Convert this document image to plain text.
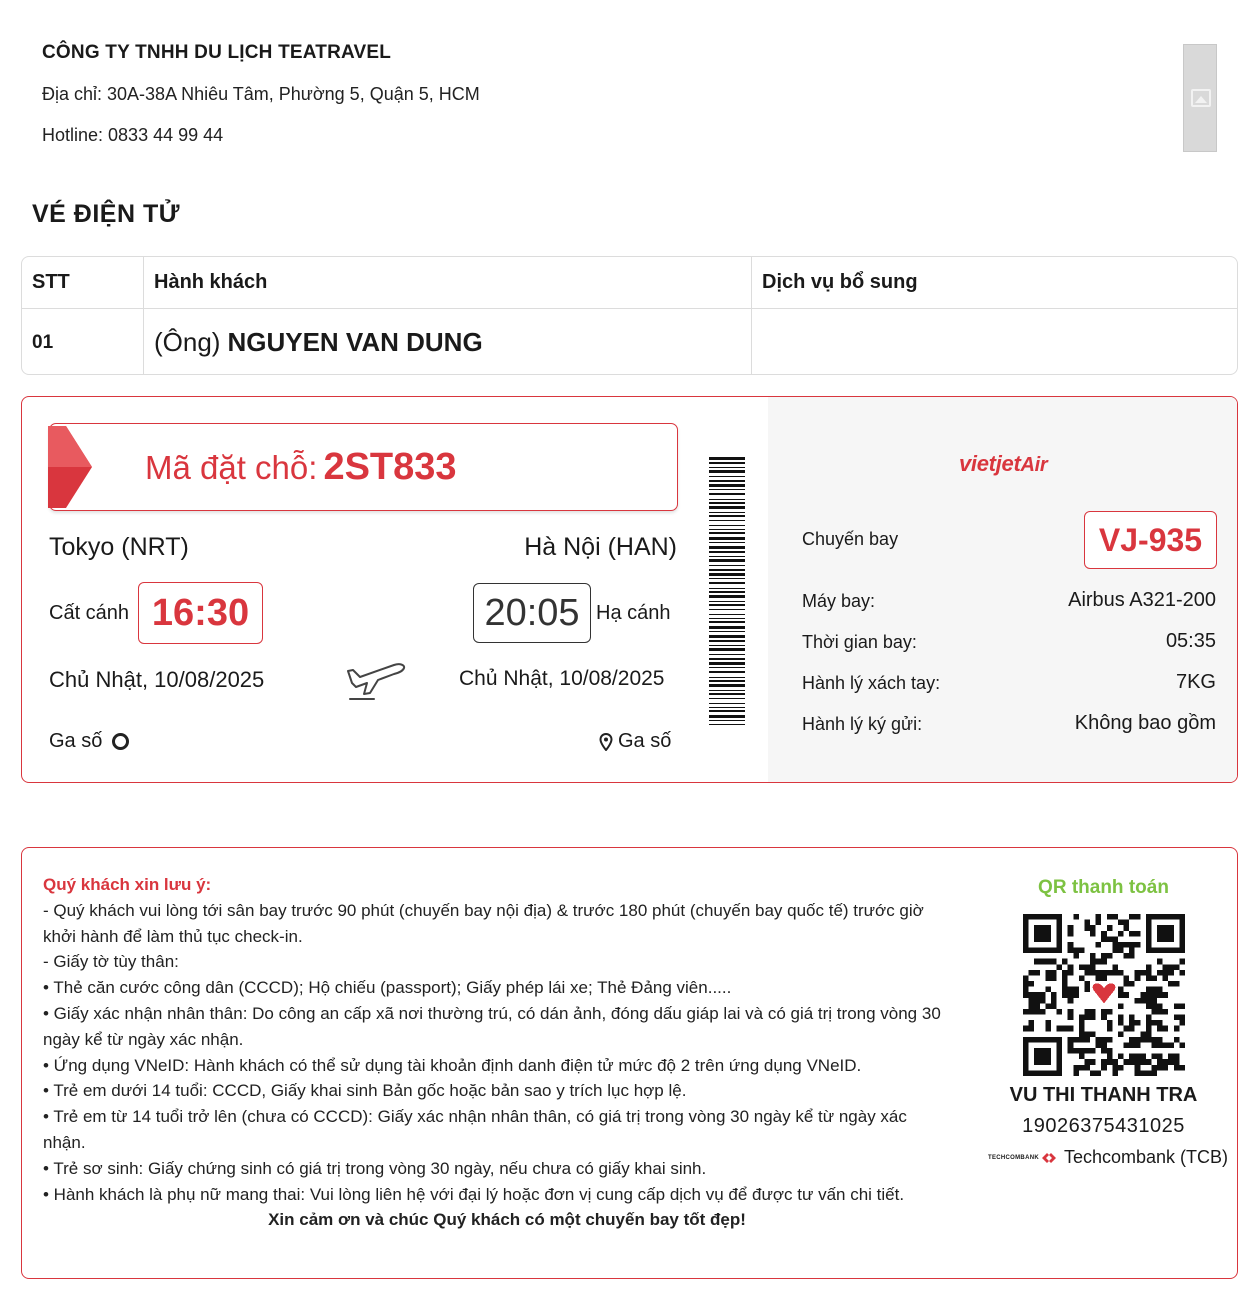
CÔNG TY TNHH DU LỊCH TEATRAVEL
Địa chỉ: 30A-38A Nhiêu Tâm, Phường 5, Quận 5, HCM
Hotline: 0833 44 99 44
VÉ ĐIỆN TỬ
STT	Hành khách	Dịch vụ bổ sung
01	(Ông) NGUYEN VAN DUNG
Mã đặt chỗ: 2ST833
Tokyo (NRT)	Hà Nội (HAN)
Cất cánh 16:30	20:05 Hạ cánh
Chủ Nhật, 10/08/2025	Chủ Nhật, 10/08/2025
Ga số	Ga số
vietjetAir
Chuyến bay	VJ-935
Máy bay:	Airbus A321-200
Thời gian bay:	05:35
Hành lý xách tay:	7KG
Hành lý ký gửi:	Không bao gồm
Quý khách xin lưu ý:
- Quý khách vui lòng tới sân bay trước 90 phút (chuyến bay nội địa) & trước 180 phút (chuyến bay quốc tế) trước giờ khởi hành để làm thủ tục check-in.
- Giấy tờ tùy thân:
• Thẻ căn cước công dân (CCCD); Hộ chiếu (passport); Giấy phép lái xe; Thẻ Đảng viên.....
• Giấy xác nhận nhân thân: Do công an cấp xã nơi thường trú, có dán ảnh, đóng dấu giáp lai và có giá trị trong vòng 30 ngày kể từ ngày xác nhận.
• Ứng dụng VNeID: Hành khách có thể sử dụng tài khoản định danh điện tử mức độ 2 trên ứng dụng VNeID.
• Trẻ em dưới 14 tuổi: CCCD, Giấy khai sinh Bản gốc hoặc bản sao y trích lục hợp lệ.
• Trẻ em từ 14 tuổi trở lên (chưa có CCCD): Giấy xác nhận nhân thân, có giá trị trong vòng 30 ngày kể từ ngày xác nhận.
• Trẻ sơ sinh: Giấy chứng sinh có giá trị trong vòng 30 ngày, nếu chưa có giấy khai sinh.
• Hành khách là phụ nữ mang thai: Vui lòng liên hệ với đại lý hoặc đơn vị cung cấp dịch vụ để được tư vấn chi tiết.
Xin cảm ơn và chúc Quý khách có một chuyến bay tốt đẹp!
QR thanh toán
VU THI THANH TRA
19026375431025
TECHCOMBANK Techcombank (TCB)
